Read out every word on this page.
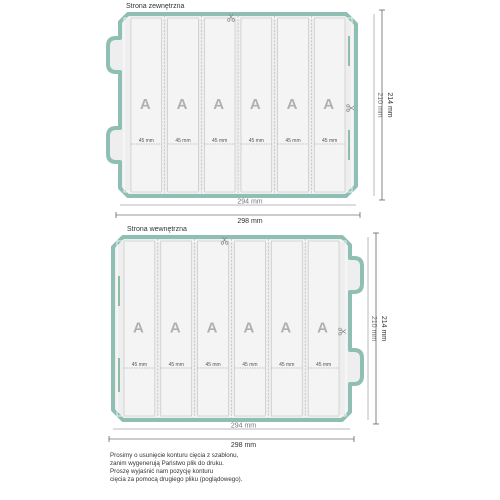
Strona zewnętrzna
Strona wewnętrzna
A
45 mm
A
45 mm
A
45 mm
A
45 mm
A
45 mm
A
45 mm
294 mm
298 mm
210 mm 214 mm
A
45 mm
A
45 mm
A
45 mm
A
45 mm
A
45 mm
A
45 mm
294 mm
298 mm
210 mm 214 mm
Prosimy o usunięcie konturu cięcia z szablonu,
zanim wygenerują Państwo plik do druku.
Proszę wyjaśnić nam pozycję konturu
cięcia za pomocą drugiego pliku (poglądowego).
